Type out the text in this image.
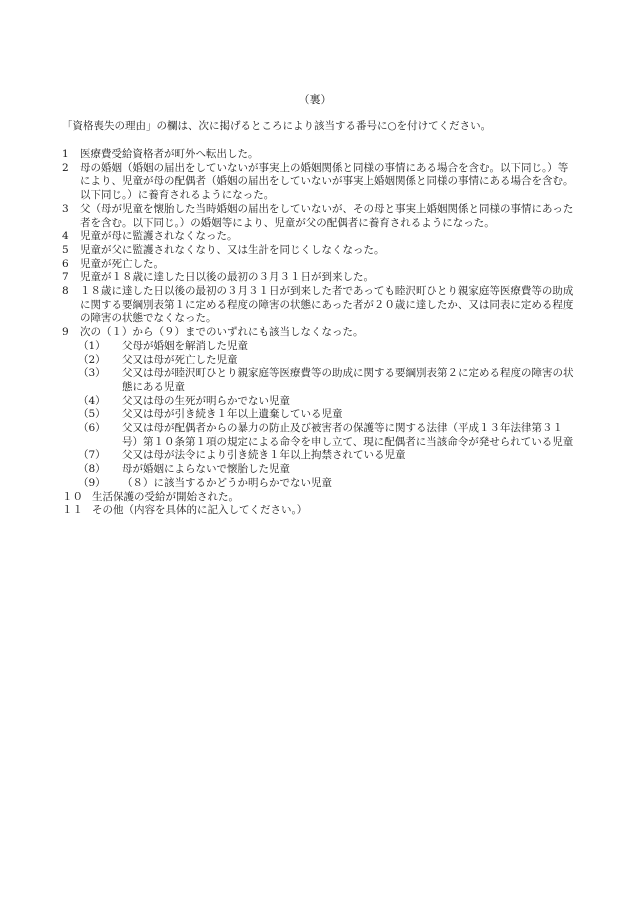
（裏）
「資格喪失の理由」の欄は、次に掲げるところにより該当する番号に○を付けてください。
1	医療費受給資格者が町外へ転出した。
2	母の婚姻（婚姻の届出をしていないが事実上の婚姻関係と同様の事情にある場合を含む。以下同じ。）等により、児童が母の配偶者（婚姻の届出をしていないが事実上婚姻関係と同様の事情にある場合を含む。以下同じ。）に養育されるようになった。
3	父（母が児童を懐胎した当時婚姻の届出をしていないが、その母と事実上婚姻関係と同様の事情にあった者を含む。以下同じ。）の婚姻等により、児童が父の配偶者に養育されるようになった。
4	児童が母に監護されなくなった。
5	児童が父に監護されなくなり、又は生計を同じくしなくなった。
6	児童が死亡した。
7	児童が１８歳に達した日以後の最初の３月３１日が到来した。
8	１８歳に達した日以後の最初の３月３１日が到来した者であっても睦沢町ひとり親家庭等医療費等の助成に関する要綱別表第１に定める程度の障害の状態にあった者が２０歳に達したか、又は同表に定める程度の障害の状態でなくなった。
9	次の（１）から（９）までのいずれにも該当しなくなった。
（1）	父母が婚姻を解消した児童
（2）	父又は母が死亡した児童
（3）	父又は母が睦沢町ひとり親家庭等医療費等の助成に関する要綱別表第２に定める程度の障害の状態にある児童
（4）	父又は母の生死が明らかでない児童
（5）	父又は母が引き続き１年以上遺棄している児童
（6）	父又は母が配偶者からの暴力の防止及び被害者の保護等に関する法律（平成１３年法律第３１号）第１０条第１項の規定による命令を申し立て、現に配偶者に当該命令が発せられている児童
（7）	父又は母が法令により引き続き１年以上拘禁されている児童
（8）	母が婚姻によらないで懐胎した児童
（9）	（８）に該当するかどうか明らかでない児童
１０ 生活保護の受給が開始された。
１１ その他（内容を具体的に記入してください。）
